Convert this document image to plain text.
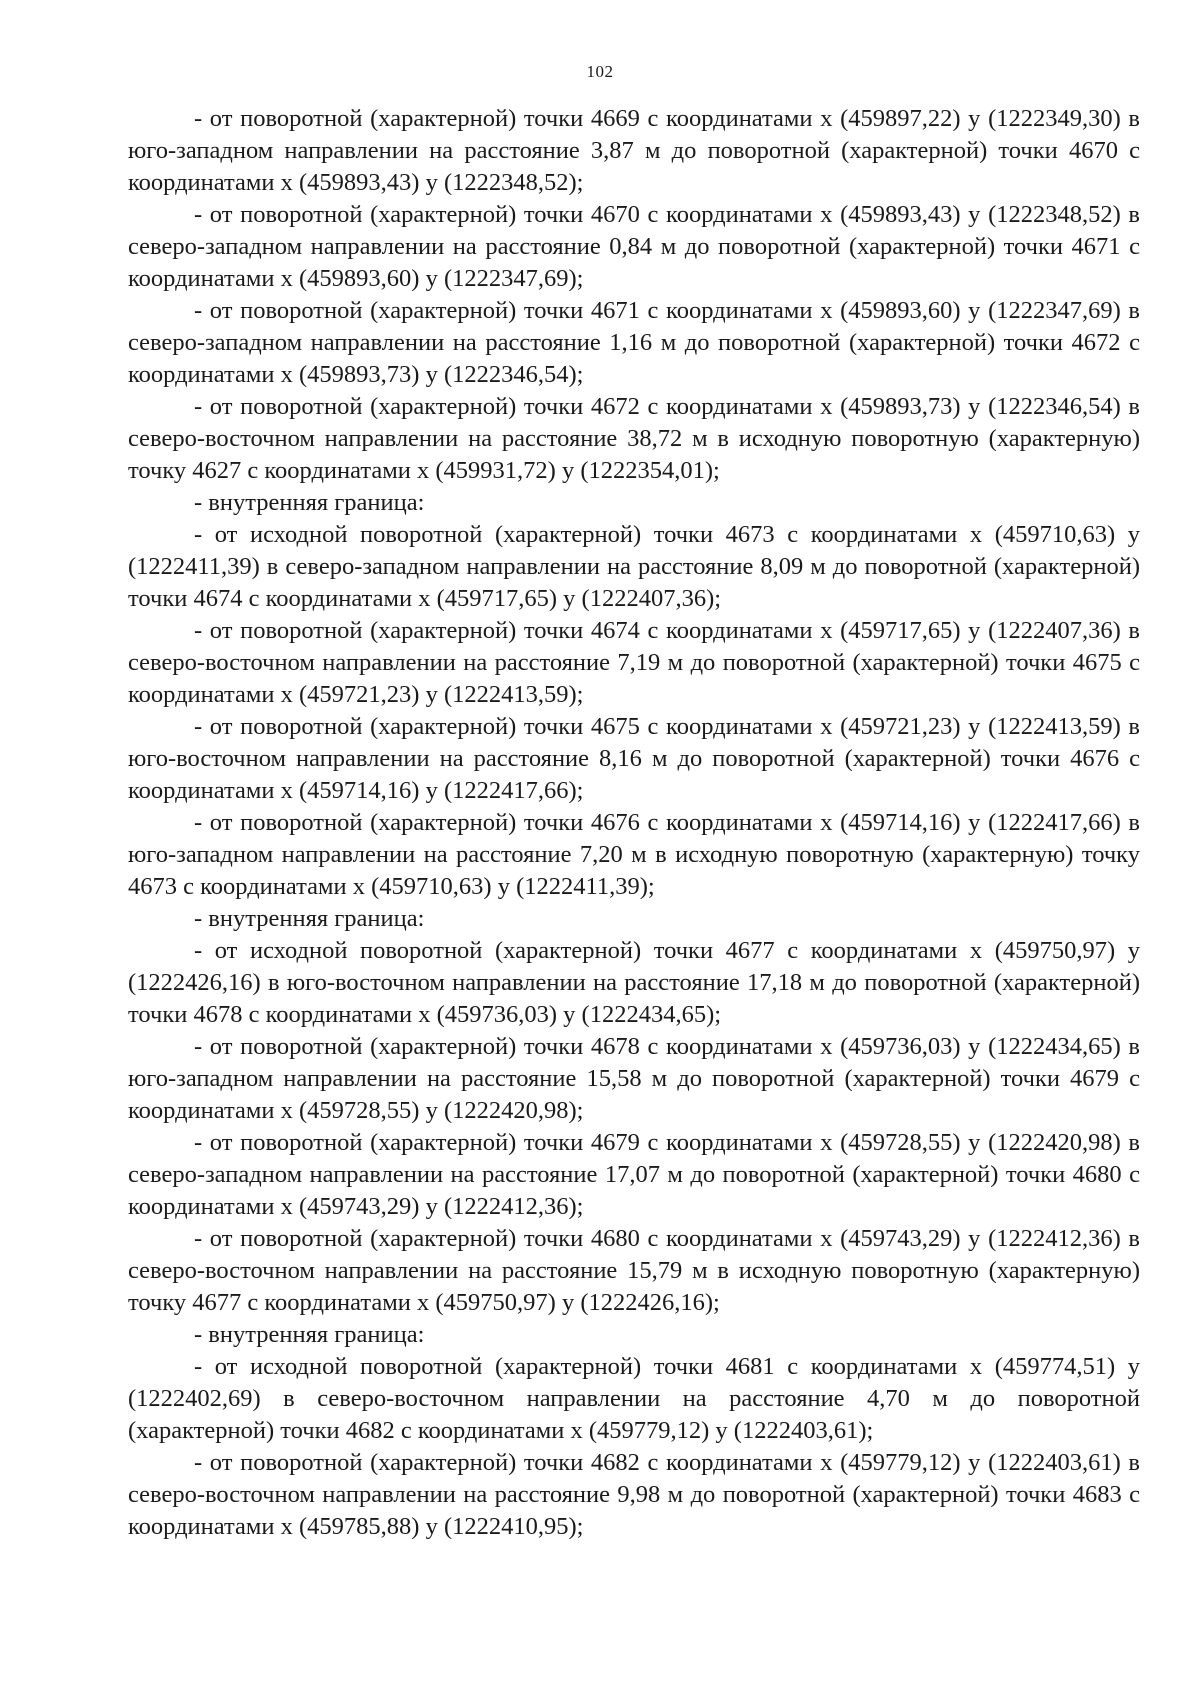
102

- от поворотной (характерной) точки 4669 с координатами x (459897,22) y (1222349,30) в юго-западном направлении на расстояние 3,87 м до поворотной (характерной) точки 4670 с координатами x (459893,43) y (1222348,52);

- от поворотной (характерной) точки 4670 с координатами x (459893,43) y (1222348,52) в северо-западном направлении на расстояние 0,84 м до поворотной (характерной) точки 4671 с координатами x (459893,60) y (1222347,69);

- от поворотной (характерной) точки 4671 с координатами x (459893,60) y (1222347,69) в северо-западном направлении на расстояние 1,16 м до поворотной (характерной) точки 4672 с координатами x (459893,73) y (1222346,54);

- от поворотной (характерной) точки 4672 с координатами x (459893,73) y (1222346,54) в северо-восточном направлении на расстояние 38,72 м в исходную поворотную (характерную) точку 4627 с координатами x (459931,72) y (1222354,01);

- внутренняя граница:

- от исходной поворотной (характерной) точки 4673 с координатами x (459710,63) y (1222411,39) в северо-западном направлении на расстояние 8,09 м до поворотной (характерной) точки 4674 с координатами x (459717,65) y (1222407,36);

- от поворотной (характерной) точки 4674 с координатами x (459717,65) y (1222407,36) в северо-восточном направлении на расстояние 7,19 м до поворотной (характерной) точки 4675 с координатами x (459721,23) y (1222413,59);

- от поворотной (характерной) точки 4675 с координатами x (459721,23) y (1222413,59) в юго-восточном направлении на расстояние 8,16 м до поворотной (характерной) точки 4676 с координатами x (459714,16) y (1222417,66);

- от поворотной (характерной) точки 4676 с координатами x (459714,16) y (1222417,66) в юго-западном направлении на расстояние 7,20 м в исходную поворотную (характерную) точку 4673 с координатами x (459710,63) y (1222411,39);

- внутренняя граница:

- от исходной поворотной (характерной) точки 4677 с координатами x (459750,97) y (1222426,16) в юго-восточном направлении на расстояние 17,18 м до поворотной (характерной) точки 4678 с координатами x (459736,03) y (1222434,65);

- от поворотной (характерной) точки 4678 с координатами x (459736,03) y (1222434,65) в юго-западном направлении на расстояние 15,58 м до поворотной (характерной) точки 4679 с координатами x (459728,55) y (1222420,98);

- от поворотной (характерной) точки 4679 с координатами x (459728,55) y (1222420,98) в северо-западном направлении на расстояние 17,07 м до поворотной (характерной) точки 4680 с координатами x (459743,29) y (1222412,36);

- от поворотной (характерной) точки 4680 с координатами x (459743,29) y (1222412,36) в северо-восточном направлении на расстояние 15,79 м в исходную поворотную (характерную) точку 4677 с координатами x (459750,97) y (1222426,16);

- внутренняя граница:

- от исходной поворотной (характерной) точки 4681 с координатами x (459774,51) y (1222402,69) в северо-восточном направлении на расстояние 4,70 м до поворотной (характерной) точки 4682 с координатами x (459779,12) y (1222403,61);

- от поворотной (характерной) точки 4682 с координатами x (459779,12) y (1222403,61) в северо-восточном направлении на расстояние 9,98 м до поворотной (характерной) точки 4683 с координатами x (459785,88) y (1222410,95);
